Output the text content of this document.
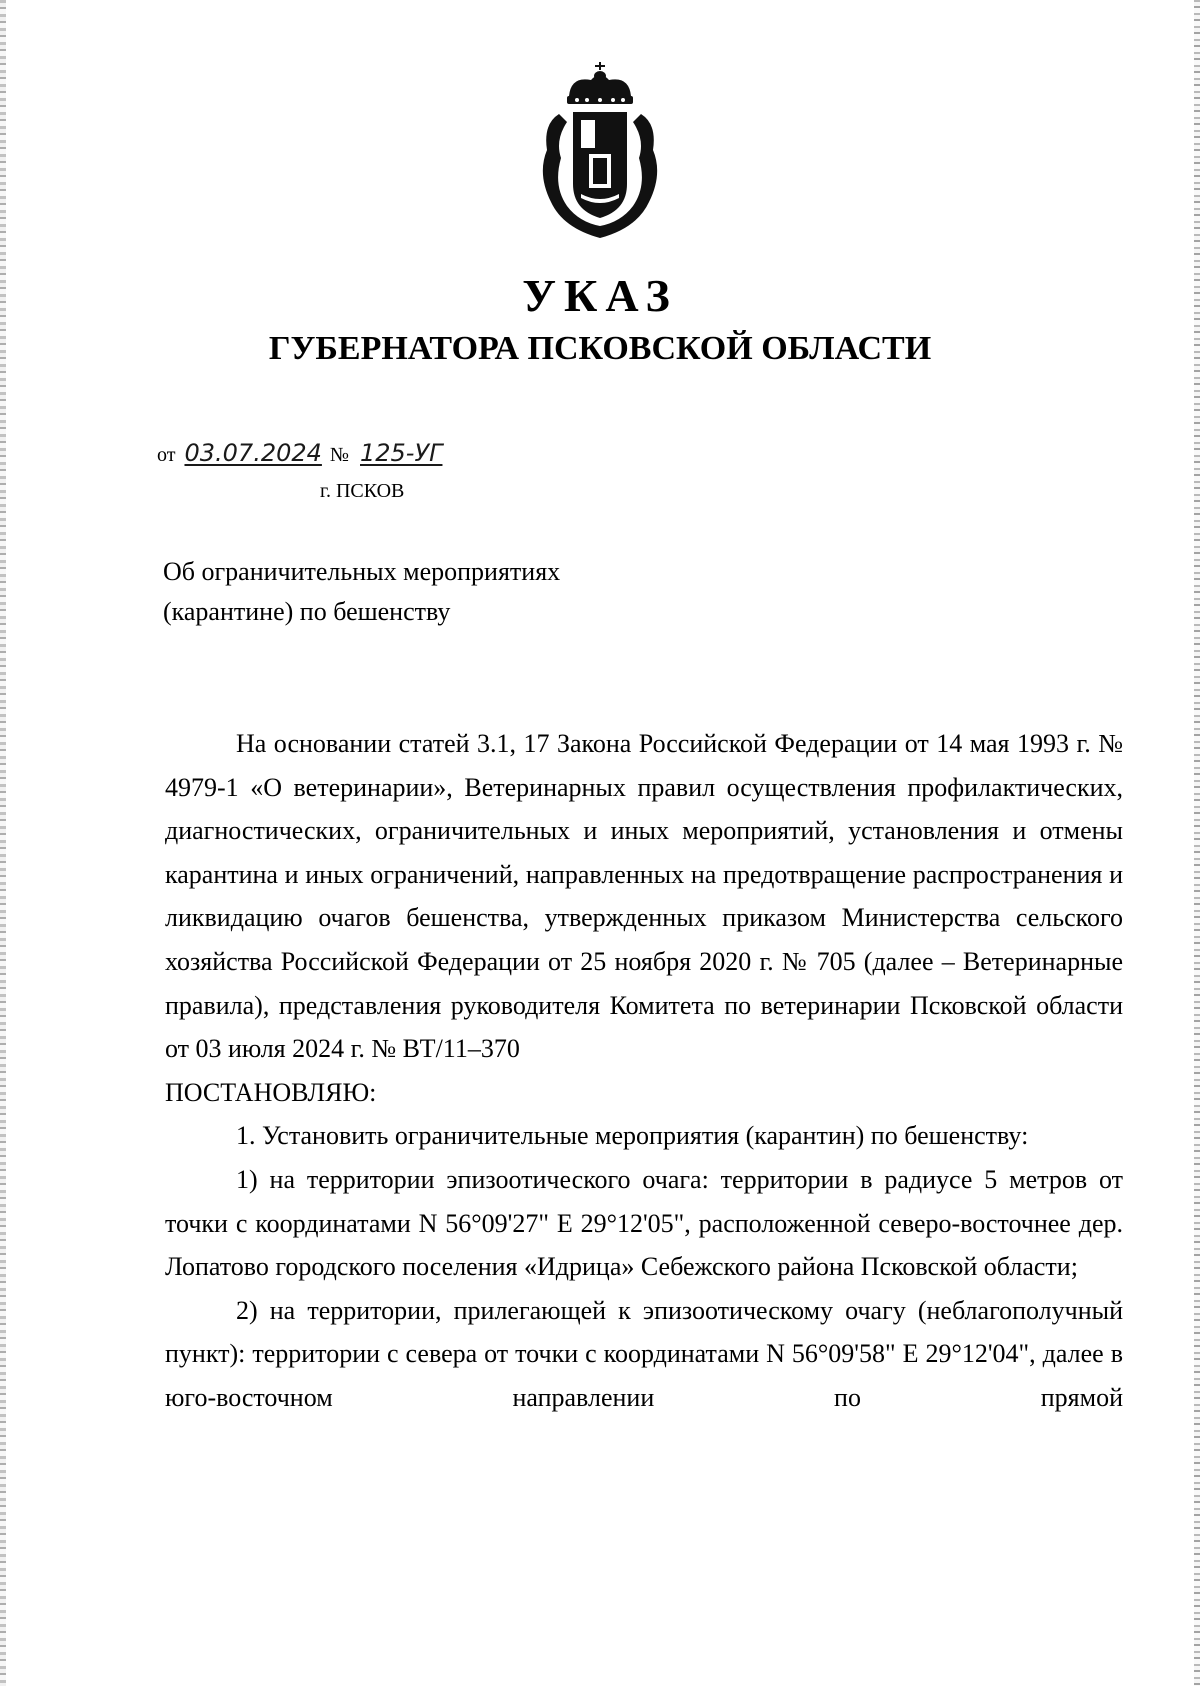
УКАЗ
ГУБЕРНАТОРА ПСКОВСКОЙ ОБЛАСТИ
от 03.07.2024 № 125-УГ
г. ПСКОВ
Об ограничительных мероприятиях
(карантине) по бешенству

На основании статей 3.1, 17 Закона Российской Федерации от 14 мая 1993 г. № 4979-1 «О ветеринарии», Ветеринарных правил осуществления профилактических, диагностических, ограничительных и иных мероприятий, установления и отмены карантина и иных ограничений, направленных на предотвращение распространения и ликвидацию очагов бешенства, утвержденных приказом Министерства сельского хозяйства Российской Федерации от 25 ноября 2020 г. № 705 (далее – Ветеринарные правила), представления руководителя Комитета по ветеринарии Псковской области от 03 июля 2024 г. № ВТ/11–370

ПОСТАНОВЛЯЮ:

1. Установить ограничительные мероприятия (карантин) по бешенству:

1) на территории эпизоотического очага: территории в радиусе 5 метров от точки с координатами N 56°09'27" E 29°12'05", расположенной северо-восточнее дер. Лопатово городского поселения «Идрица» Себежского района Псковской области;

2) на территории, прилегающей к эпизоотическому очагу (неблагополучный пункт): территории с севера от точки с координатами N 56°09'58" E 29°12'04", далее в юго-восточном направлении по прямой
